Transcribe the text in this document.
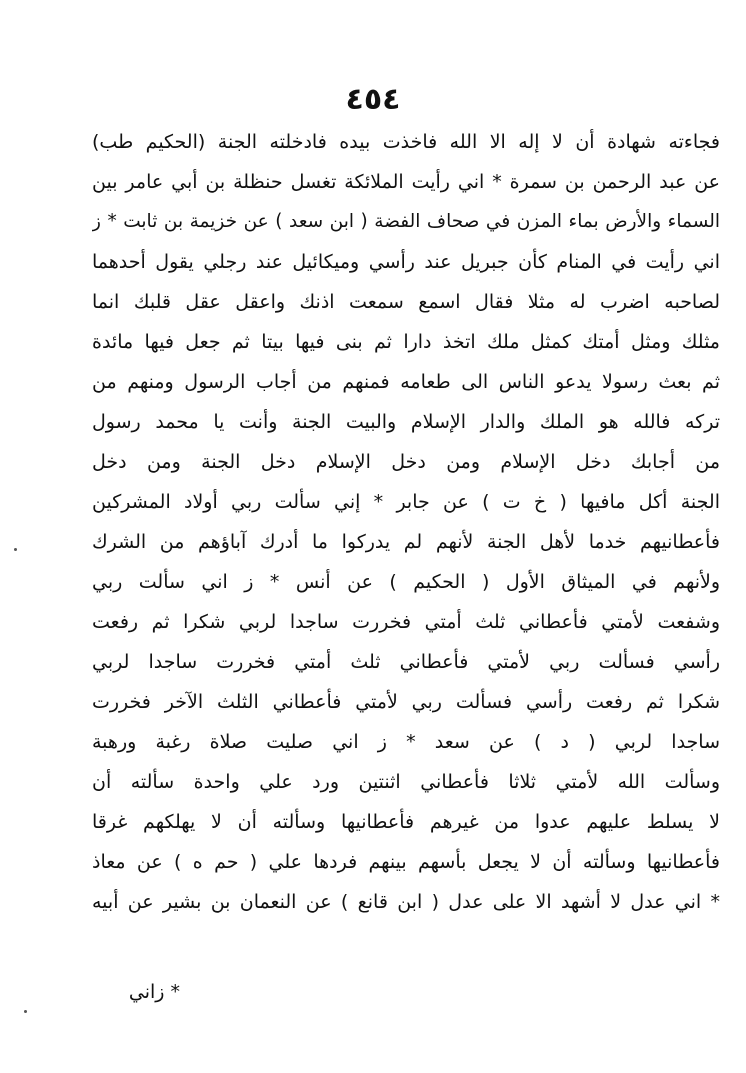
٤٥٤
فجاءته شهادة أن لا إله الا الله فاخذت بيده فادخلته الجنة (الحكيم طب)
عن عبد الرحمن بن سمرة * اني رأيت الملائكة تغسل حنظلة بن أبي عامر بين
السماء والأرض بماء المزن في صحاف الفضة ( ابن سعد ) عن خزيمة بن ثابت * ز
اني رأيت في المنام كأن جبريل عند رأسي وميكائيل عند رجلي يقول أحدهما
لصاحبه اضرب له مثلا فقال اسمع سمعت اذنك واعقل عقل قلبك انما
مثلك ومثل أمتك كمثل ملك اتخذ دارا ثم بنى فيها بيتا ثم جعل فيها مائدة
ثم بعث رسولا يدعو الناس الى طعامه فمنهم من أجاب الرسول ومنهم من
تركه فالله هو الملك والدار الإسلام والبيت الجنة وأنت يا محمد رسول
من أجابك دخل الإسلام ومن دخل الإسلام دخل الجنة ومن دخل
الجنة أكل مافيها ( خ ت ) عن جابر * إني سألت ربي أولاد المشركين
فأعطانيهم خدما لأهل الجنة لأنهم لم يدركوا ما أدرك آباؤهم من الشرك
ولأنهم في الميثاق الأول ( الحكيم ) عن أنس * ز اني سألت ربي
وشفعت لأمتي فأعطاني ثلث أمتي فخررت ساجدا لربي شكرا ثم رفعت
رأسي فسألت ربي لأمتي فأعطاني ثلث أمتي فخررت ساجدا لربي
شكرا ثم رفعت رأسي فسألت ربي لأمتي فأعطاني الثلث الآخر فخررت
ساجدا لربي ( د ) عن سعد * ز اني صليت صلاة رغبة ورهبة
وسألت الله لأمتي ثلاثا فأعطاني اثنتين ورد علي واحدة سألته أن
لا يسلط عليهم عدوا من غيرهم فأعطانيها وسألته أن لا يهلكهم غرقا
فأعطانيها وسألته أن لا يجعل بأسهم بينهم فردها علي ( حم ه ) عن معاذ
* اني عدل لا أشهد الا على عدل ( ابن قانع ) عن النعمان بن بشير عن أبيه
* زاني
